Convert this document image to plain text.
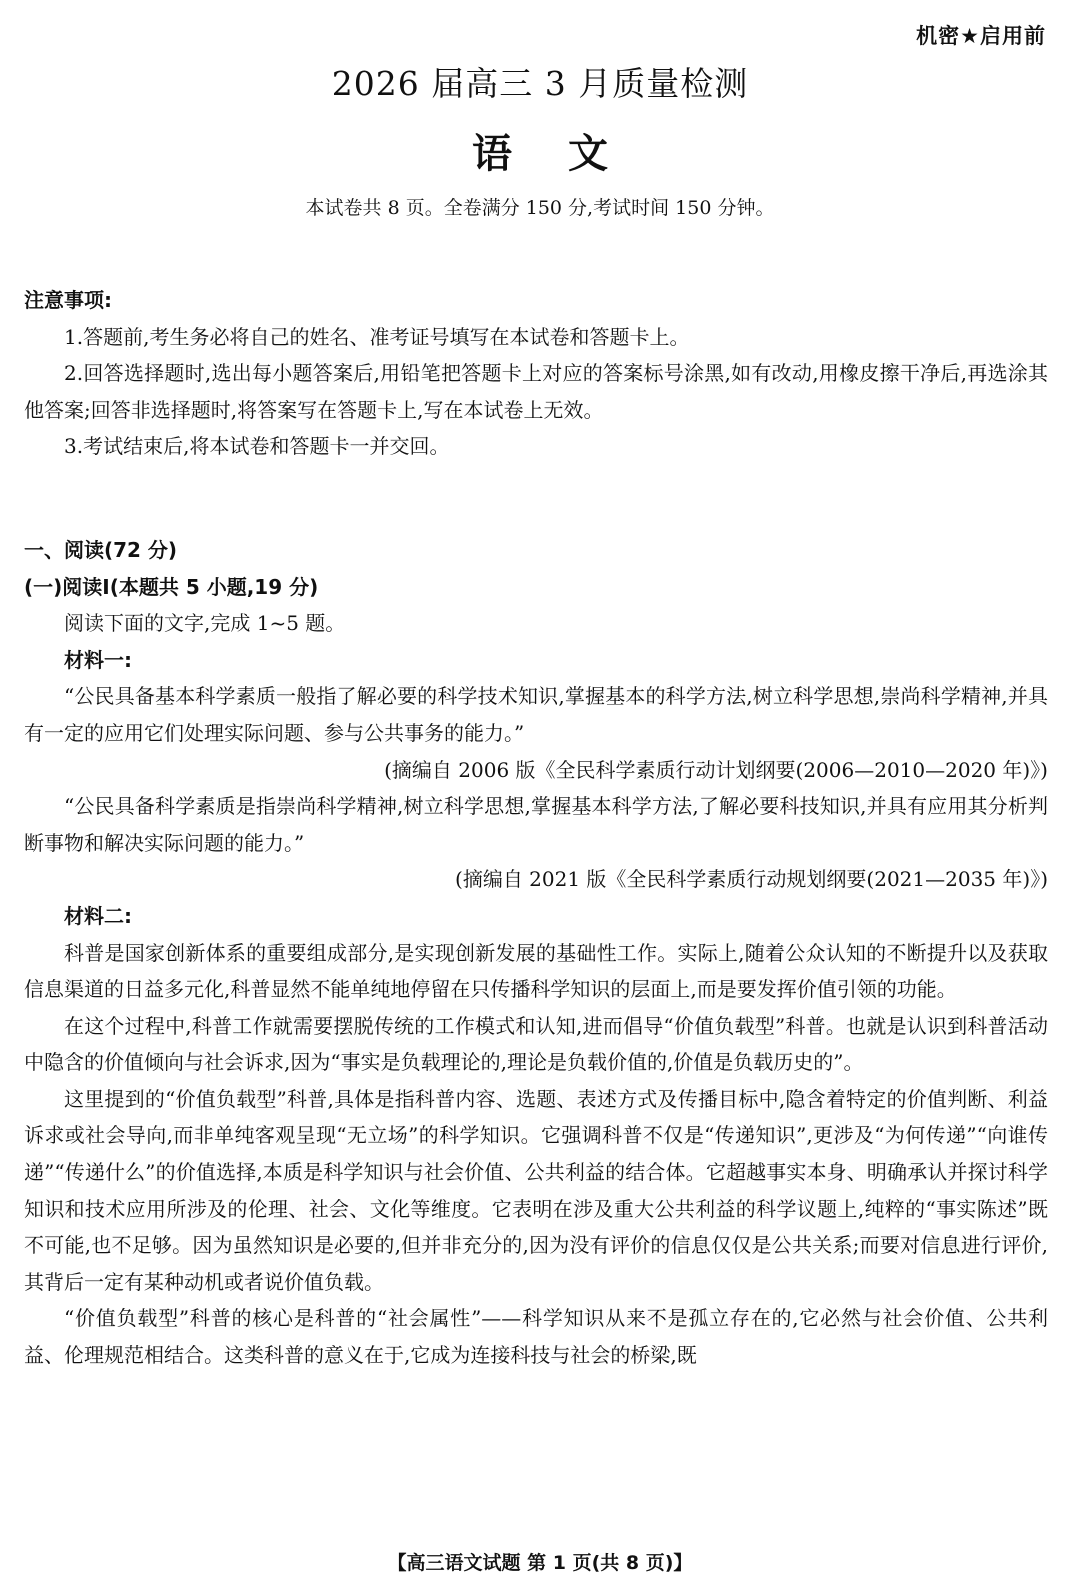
机密★启用前
2026 届高三 3 月质量检测
语文
本试卷共 8 页。全卷满分 150 分,考试时间 150 分钟。

注意事项:

1.答题前,考生务必将自己的姓名、准考证号填写在本试卷和答题卡上。

2.回答选择题时,选出每小题答案后,用铅笔把答题卡上对应的答案标号涂黑,如有改动,用橡皮擦干净后,再选涂其他答案;回答非选择题时,将答案写在答题卡上,写在本试卷上无效。

3.考试结束后,将本试卷和答题卡一并交回。

一、阅读(72 分)

(一)阅读Ⅰ(本题共 5 小题,19 分)

阅读下面的文字,完成 1~5 题。

材料一:

“公民具备基本科学素质一般指了解必要的科学技术知识,掌握基本的科学方法,树立科学思想,崇尚科学精神,并具有一定的应用它们处理实际问题、参与公共事务的能力。”

(摘编自 2006 版《全民科学素质行动计划纲要(2006—2010—2020 年)》)

“公民具备科学素质是指崇尚科学精神,树立科学思想,掌握基本科学方法,了解必要科技知识,并具有应用其分析判断事物和解决实际问题的能力。”

(摘编自 2021 版《全民科学素质行动规划纲要(2021—2035 年)》)

材料二:

科普是国家创新体系的重要组成部分,是实现创新发展的基础性工作。实际上,随着公众认知的不断提升以及获取信息渠道的日益多元化,科普显然不能单纯地停留在只传播科学知识的层面上,而是要发挥价值引领的功能。

在这个过程中,科普工作就需要摆脱传统的工作模式和认知,进而倡导“价值负载型”科普。也就是认识到科普活动中隐含的价值倾向与社会诉求,因为“事实是负载理论的,理论是负载价值的,价值是负载历史的”。

这里提到的“价值负载型”科普,具体是指科普内容、选题、表述方式及传播目标中,隐含着特定的价值判断、利益诉求或社会导向,而非单纯客观呈现“无立场”的科学知识。它强调科普不仅是“传递知识”,更涉及“为何传递”“向谁传递”“传递什么”的价值选择,本质是科学知识与社会价值、公共利益的结合体。它超越事实本身、明确承认并探讨科学知识和技术应用所涉及的伦理、社会、文化等维度。它表明在涉及重大公共利益的科学议题上,纯粹的“事实陈述”既不可能,也不足够。因为虽然知识是必要的,但并非充分的,因为没有评价的信息仅仅是公共关系;而要对信息进行评价,其背后一定有某种动机或者说价值负载。

“价值负载型”科普的核心是科普的“社会属性”——科学知识从来不是孤立存在的,它必然与社会价值、公共利益、伦理规范相结合。这类科普的意义在于,它成为连接科技与社会的桥梁,既

【高三语文试题 第 1 页(共 8 页)】
